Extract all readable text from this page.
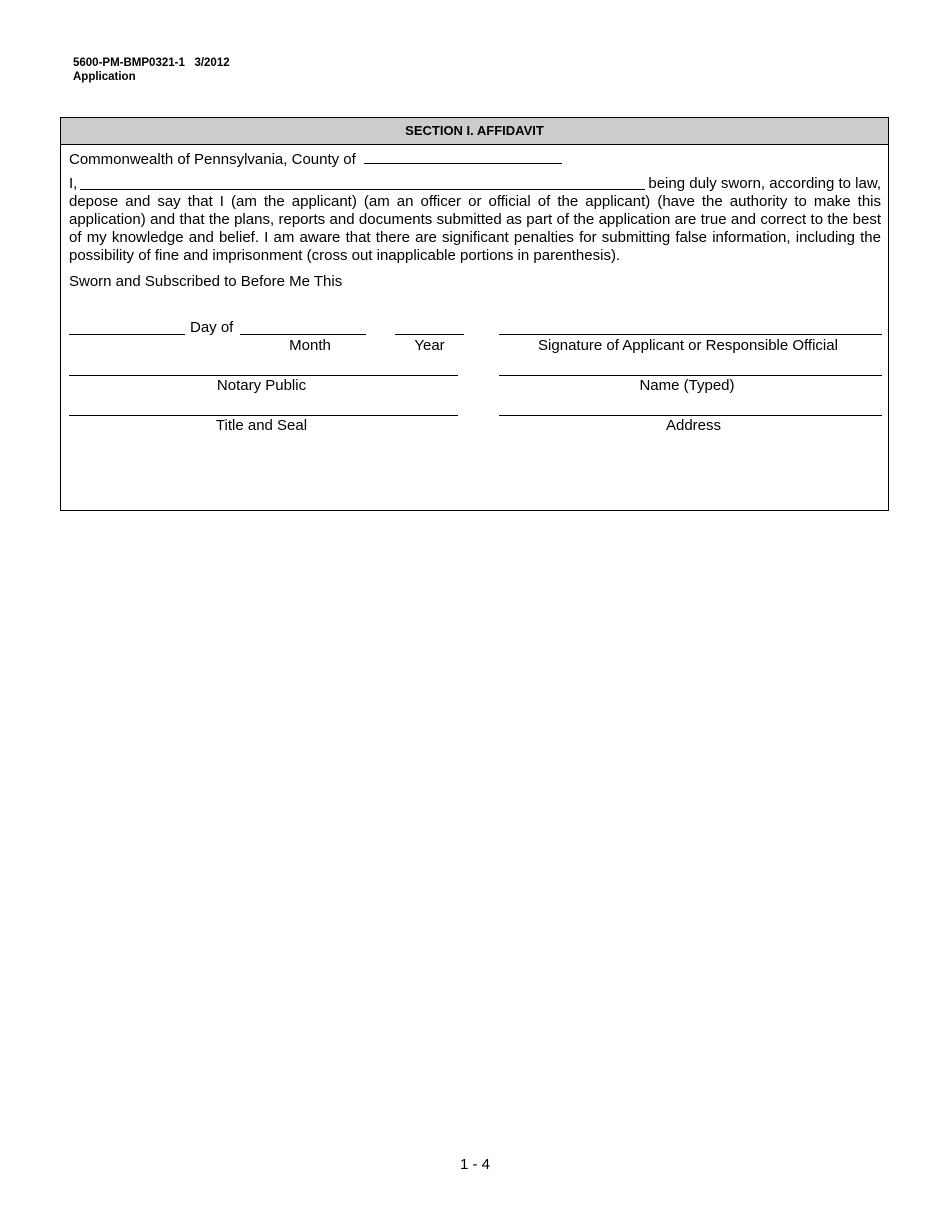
5600-PM-BMP0321-1   3/2012
Application
SECTION I. AFFIDAVIT
Commonwealth of Pennsylvania, County of
I,	being duly sworn, according to law,
depose and say that I (am the applicant) (am an officer or official of the applicant) (have the authority to make this application) and that the plans, reports and documents submitted as part of the application are true and correct to the best of my knowledge and belief. I am aware that there are significant penalties for submitting false information, including the possibility of fine and imprisonment (cross out inapplicable portions in parenthesis).
Sworn and Subscribed to Before Me This
Day of
Month	Year	Signature of Applicant or Responsible Official
Notary Public	Name (Typed)
Title and Seal	Address
1 - 4
